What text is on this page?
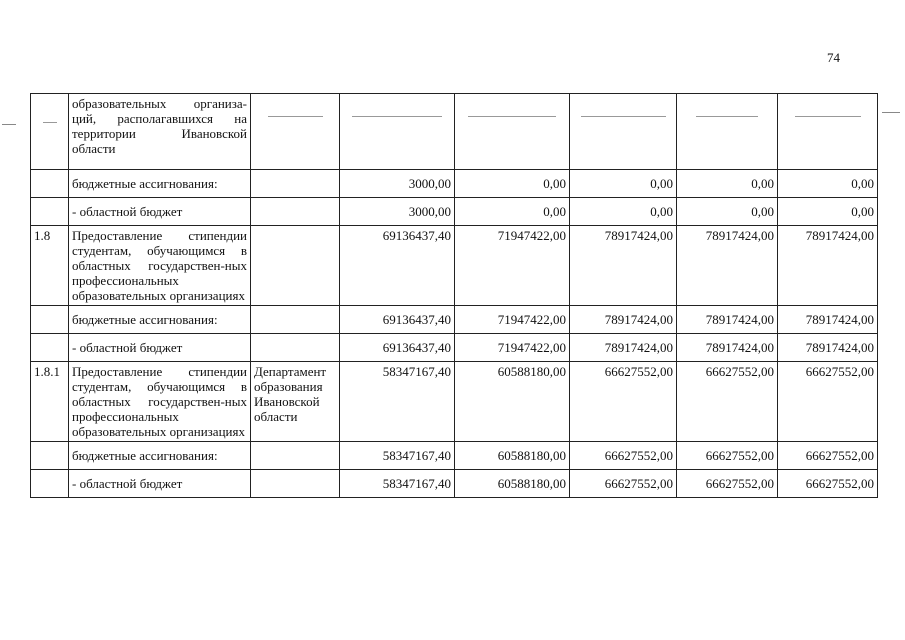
74
	образовательных организа-ций, располагавшихся на территории Ивановской области	

	бюджетные ассигнования:		3000,00	0,00	0,00	0,00	0,00
	- областной бюджет		3000,00	0,00	0,00	0,00	0,00
1.8	Предоставление стипендии студентам, обучающимся в областных государствен-ных профессиональных образовательных организациях		69136437,40	71947422,00	78917424,00	78917424,00	78917424,00
	бюджетные ассигнования:		69136437,40	71947422,00	78917424,00	78917424,00	78917424,00
	- областной бюджет		69136437,40	71947422,00	78917424,00	78917424,00	78917424,00
1.8.1	Предоставление стипендии студентам, обучающимся в областных государствен-ных профессиональных образовательных организациях	Департамент образования Ивановской области	58347167,40	60588180,00	66627552,00	66627552,00	66627552,00
	бюджетные ассигнования:		58347167,40	60588180,00	66627552,00	66627552,00	66627552,00
	- областной бюджет		58347167,40	60588180,00	66627552,00	66627552,00	66627552,00
